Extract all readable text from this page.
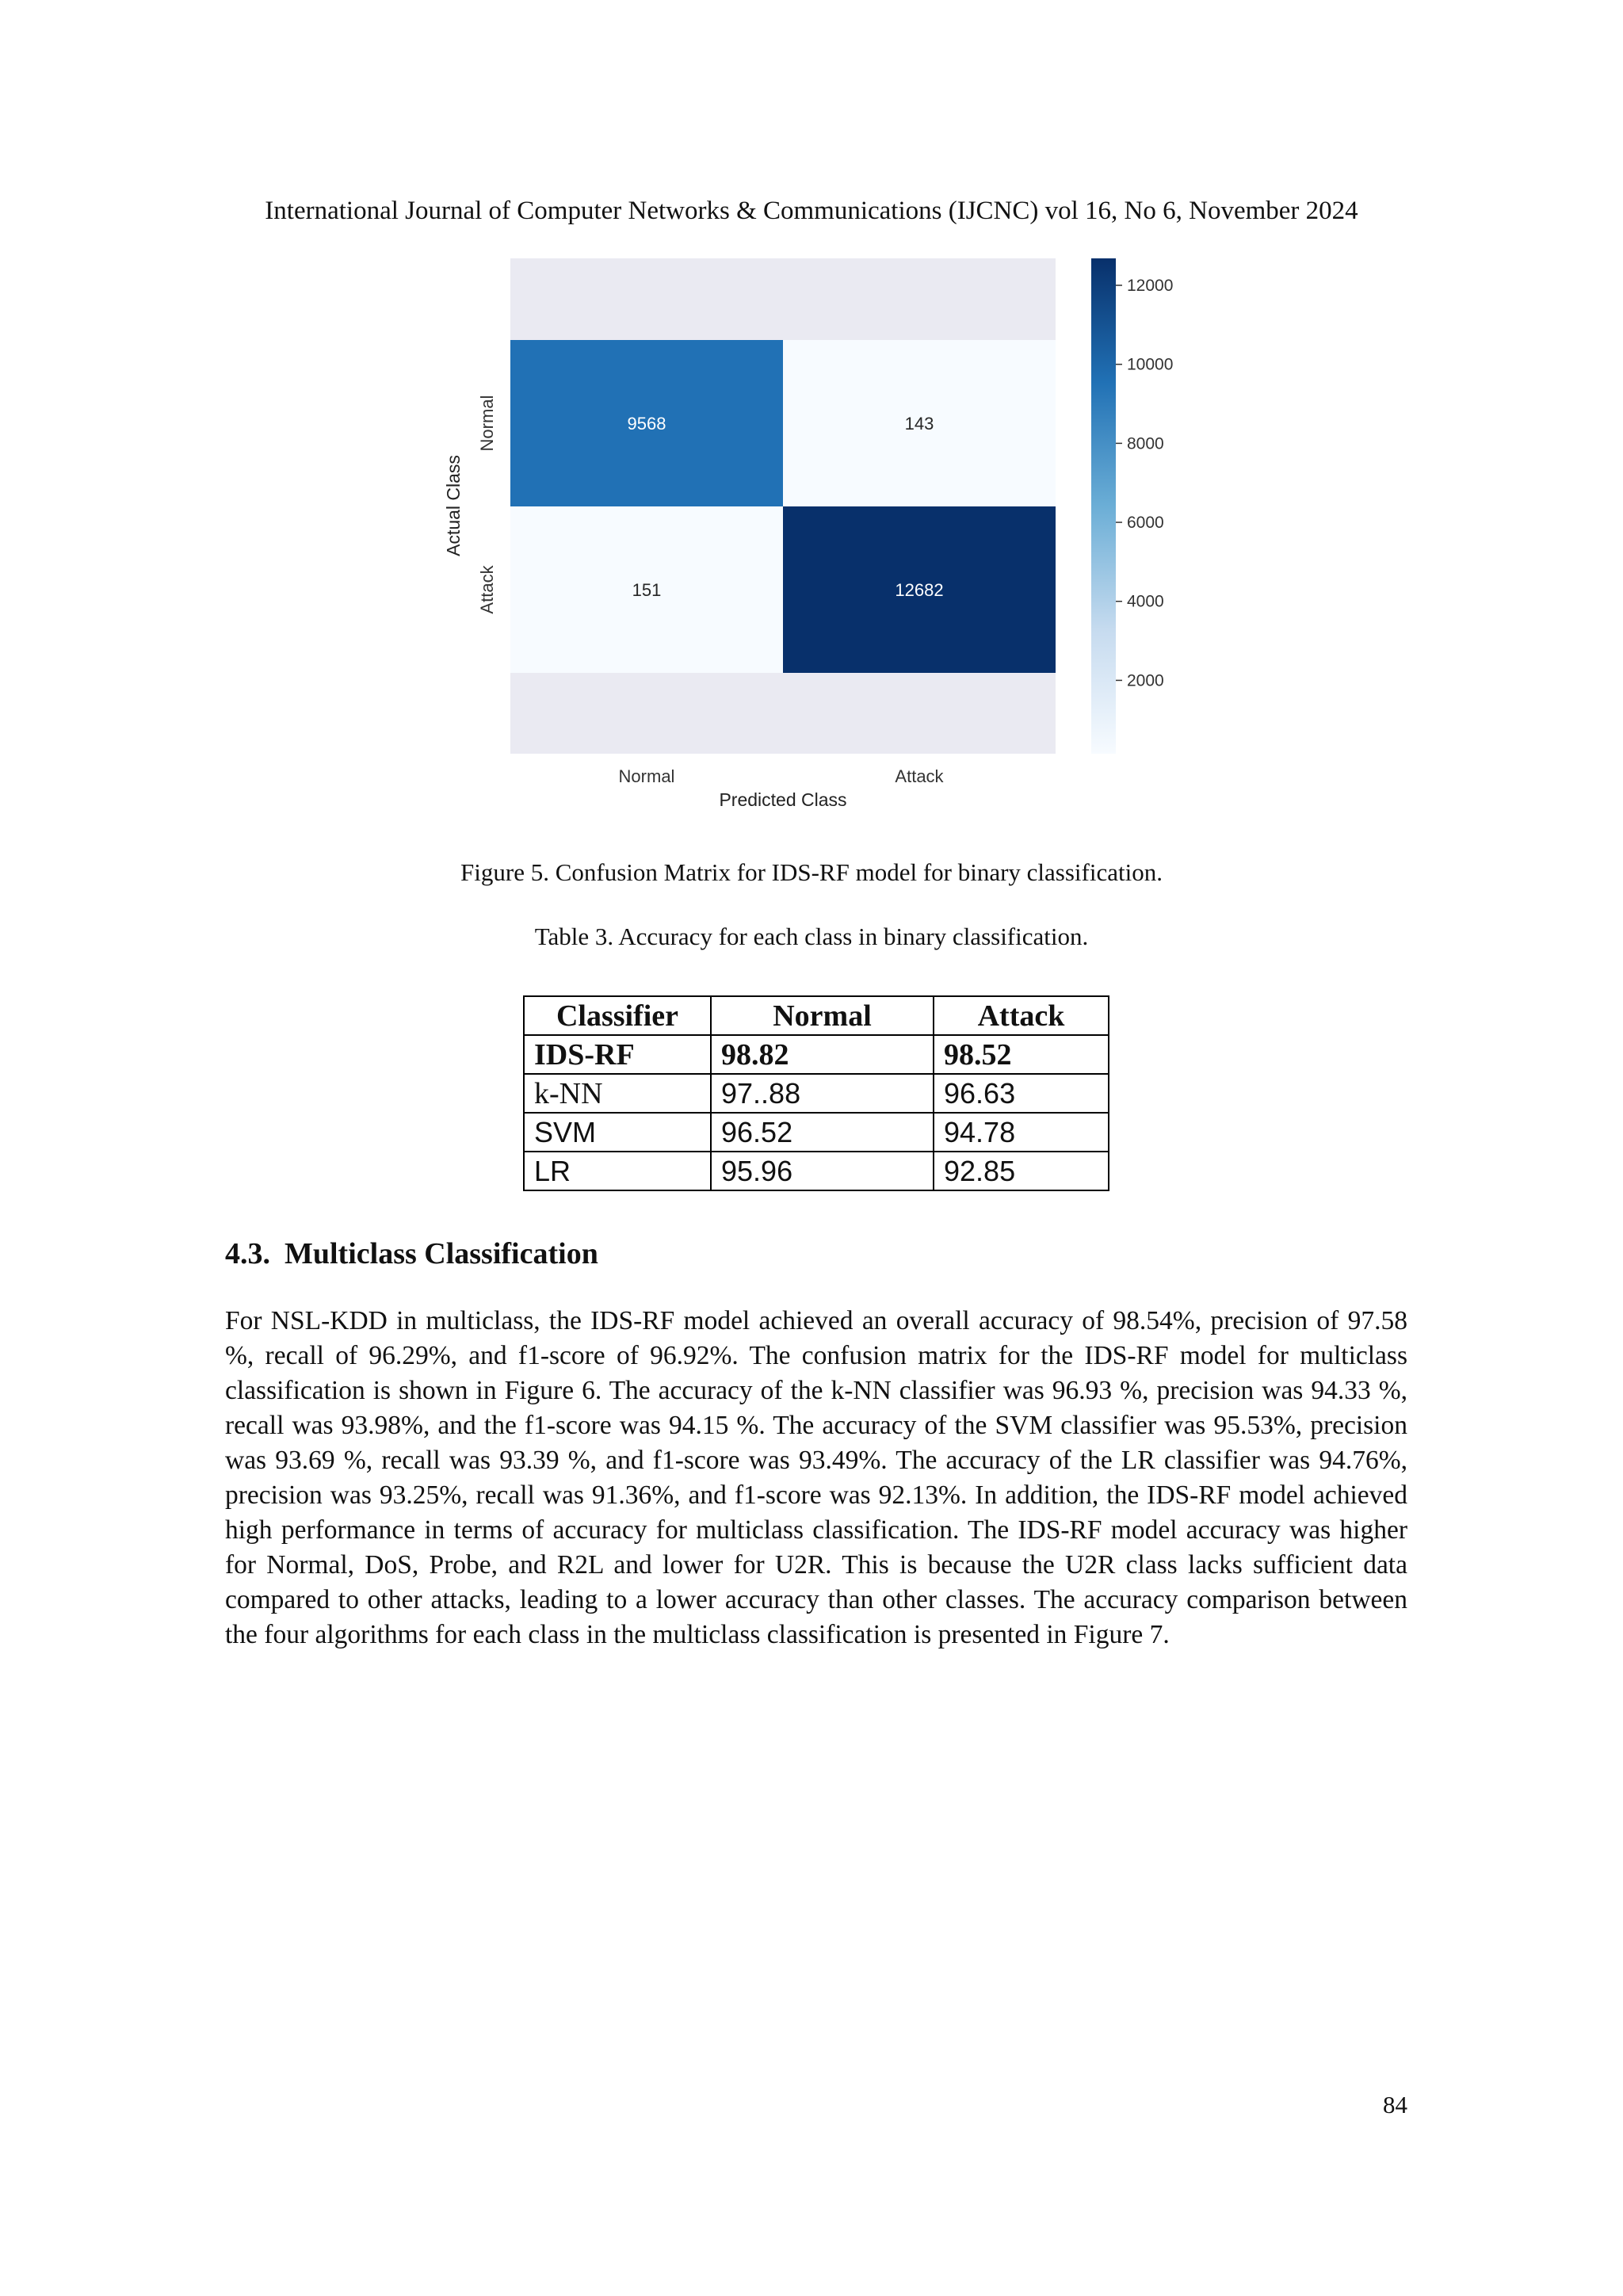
International Journal of Computer Networks & Communications (IJCNC) vol 16, No 6, November 2024
9568	143
151	12682
Normal	Attack
Normal
Attack
Predicted Class
Actual Class
12000
10000
8000
6000
4000
2000
Figure 5. Confusion Matrix for IDS-RF model for binary classification.
Table 3. Accuracy for each class in binary classification.
Classifier	Normal	Attack
IDS-RF	98.82	98.52
k-NN	97..88	96.63
SVM	96.52	94.78
LR	95.96	92.85
4.3. Multiclass Classification

For NSL-KDD in multiclass, the IDS-RF model achieved an overall accuracy of 98.54%, precision of 97.58 %, recall of 96.29%, and f1-score of 96.92%. The confusion matrix for the IDS-RF model for multiclass classification is shown in Figure 6. The accuracy of the k-NN classifier was 96.93 %, precision was 94.33 %, recall was 93.98%, and the f1-score was 94.15 %. The accuracy of the SVM classifier was 95.53%, precision was 93.69 %, recall was 93.39 %, and f1-score was 93.49%. The accuracy of the LR classifier was 94.76%, precision was 93.25%, recall was 91.36%, and f1-score was 92.13%. In addition, the IDS-RF model achieved high performance in terms of accuracy for multiclass classification. The IDS-RF model accuracy was higher for Normal, DoS, Probe, and R2L and lower for U2R. This is because the U2R class lacks sufficient data compared to other attacks, leading to a lower accuracy than other classes. The accuracy comparison between the four algorithms for each class in the multiclass classification is presented in Figure 7.

84
